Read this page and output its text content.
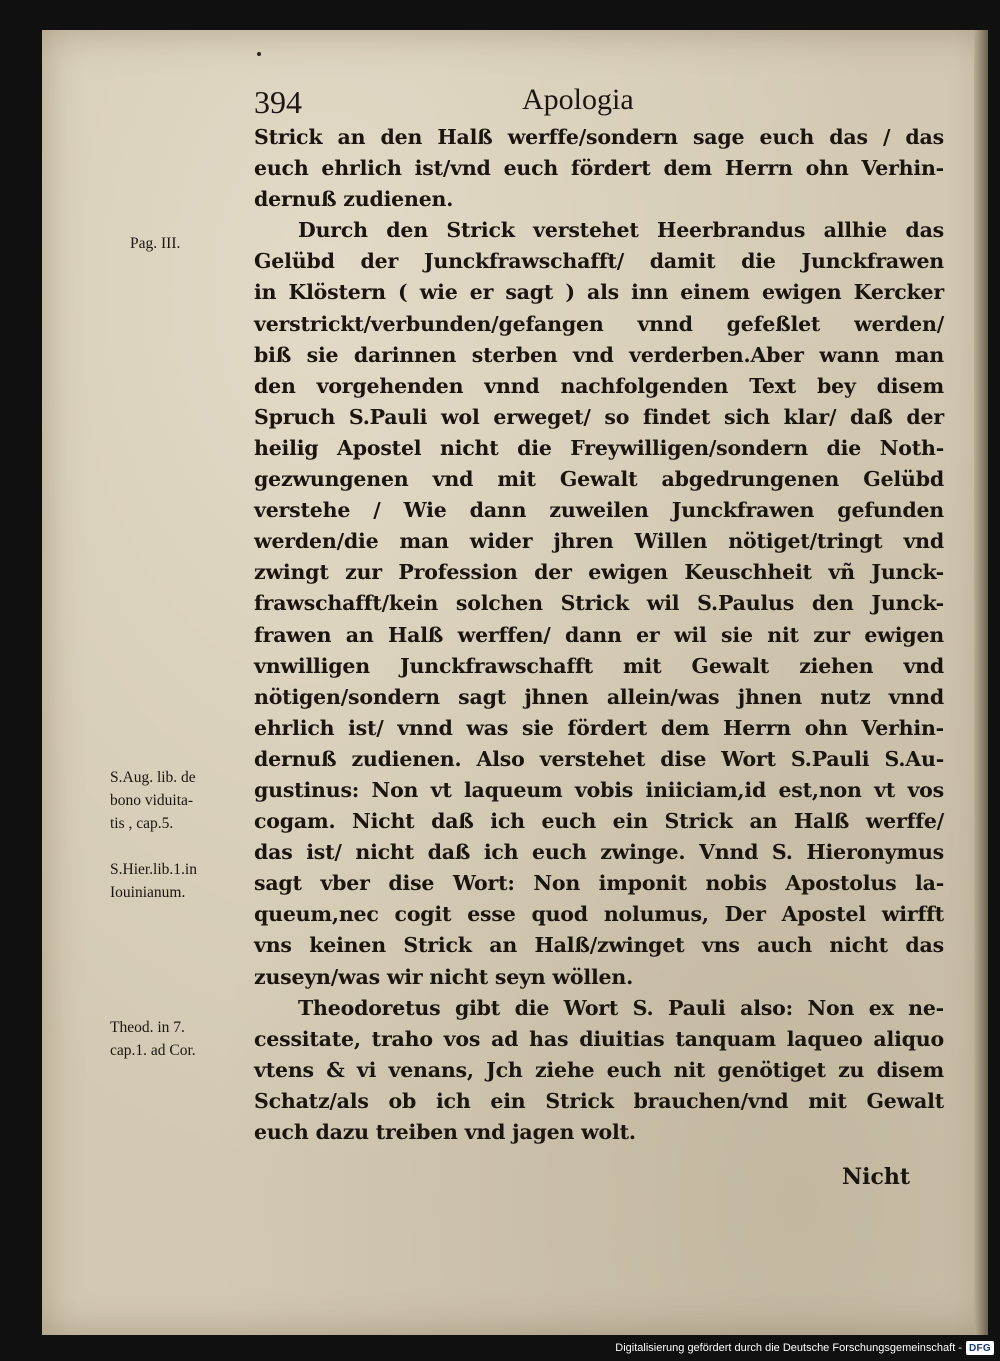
394	Apologia

Strick an den Halß werffe/sondern sage euch das / das
euch ehrlich ist/vnd euch fördert dem Herrn ohn Verhin-
dernuß zudienen.
Durch den Strick verstehet Heerbrandus allhie das
Gelübd der Junckfrawschafft/ damit die Junckfrawen
in Klöstern ( wie er sagt ) als inn einem ewigen Kercker
verstrickt/verbunden/gefangen vnnd gefeßlet werden/
biß sie darinnen sterben vnd verderben.Aber wann man
den vorgehenden vnnd nachfolgenden Text bey disem
Spruch S.Pauli wol erweget/ so findet sich klar/ daß der
heilig Apostel nicht die Freywilligen/sondern die Noth-
gezwungenen vnd mit Gewalt abgedrungenen Gelübd
verstehe / Wie dann zuweilen Junckfrawen gefunden
werden/die man wider jhren Willen nötiget/tringt vnd
zwingt zur Profession der ewigen Keuschheit vñ Junck-
frawschafft/kein solchen Strick wil S.Paulus den Junck-
frawen an Halß werffen/ dann er wil sie nit zur ewigen
vnwilligen Junckfrawschafft mit Gewalt ziehen vnd
nötigen/sondern sagt jhnen allein/was jhnen nutz vnnd
ehrlich ist/ vnnd was sie fördert dem Herrn ohn Verhin-
dernuß zudienen. Also verstehet dise Wort S.Pauli S.Au-
gustinus: Non vt laqueum vobis iniiciam,id est,non vt vos
cogam. Nicht daß ich euch ein Strick an Halß werffe/
das ist/ nicht daß ich euch zwinge. Vnnd S. Hieronymus
sagt vber dise Wort: Non imponit nobis Apostolus la-
queum,nec cogit esse quod nolumus, Der Apostel wirfft
vns keinen Strick an Halß/zwinget vns auch nicht das
zuseyn/was wir nicht seyn wöllen.
Theodoretus gibt die Wort S. Pauli also: Non ex ne-
cessitate, traho vos ad has diuitias tanquam laqueo aliquo
vtens & vi venans, Jch ziehe euch nit genötiget zu disem
Schatz/als ob ich ein Strick brauchen/vnd mit Gewalt
euch dazu treiben vnd jagen wolt.

Nicht

Pag. III.
S.Aug. lib. de
bono viduita-
tis , cap.5.
S.Hier.lib.1.in
Iouinianum.
Theod. in 7.
cap.1. ad Cor.
Digitalisierung gefördert durch die Deutsche Forschungsgemeinschaft - DFG
